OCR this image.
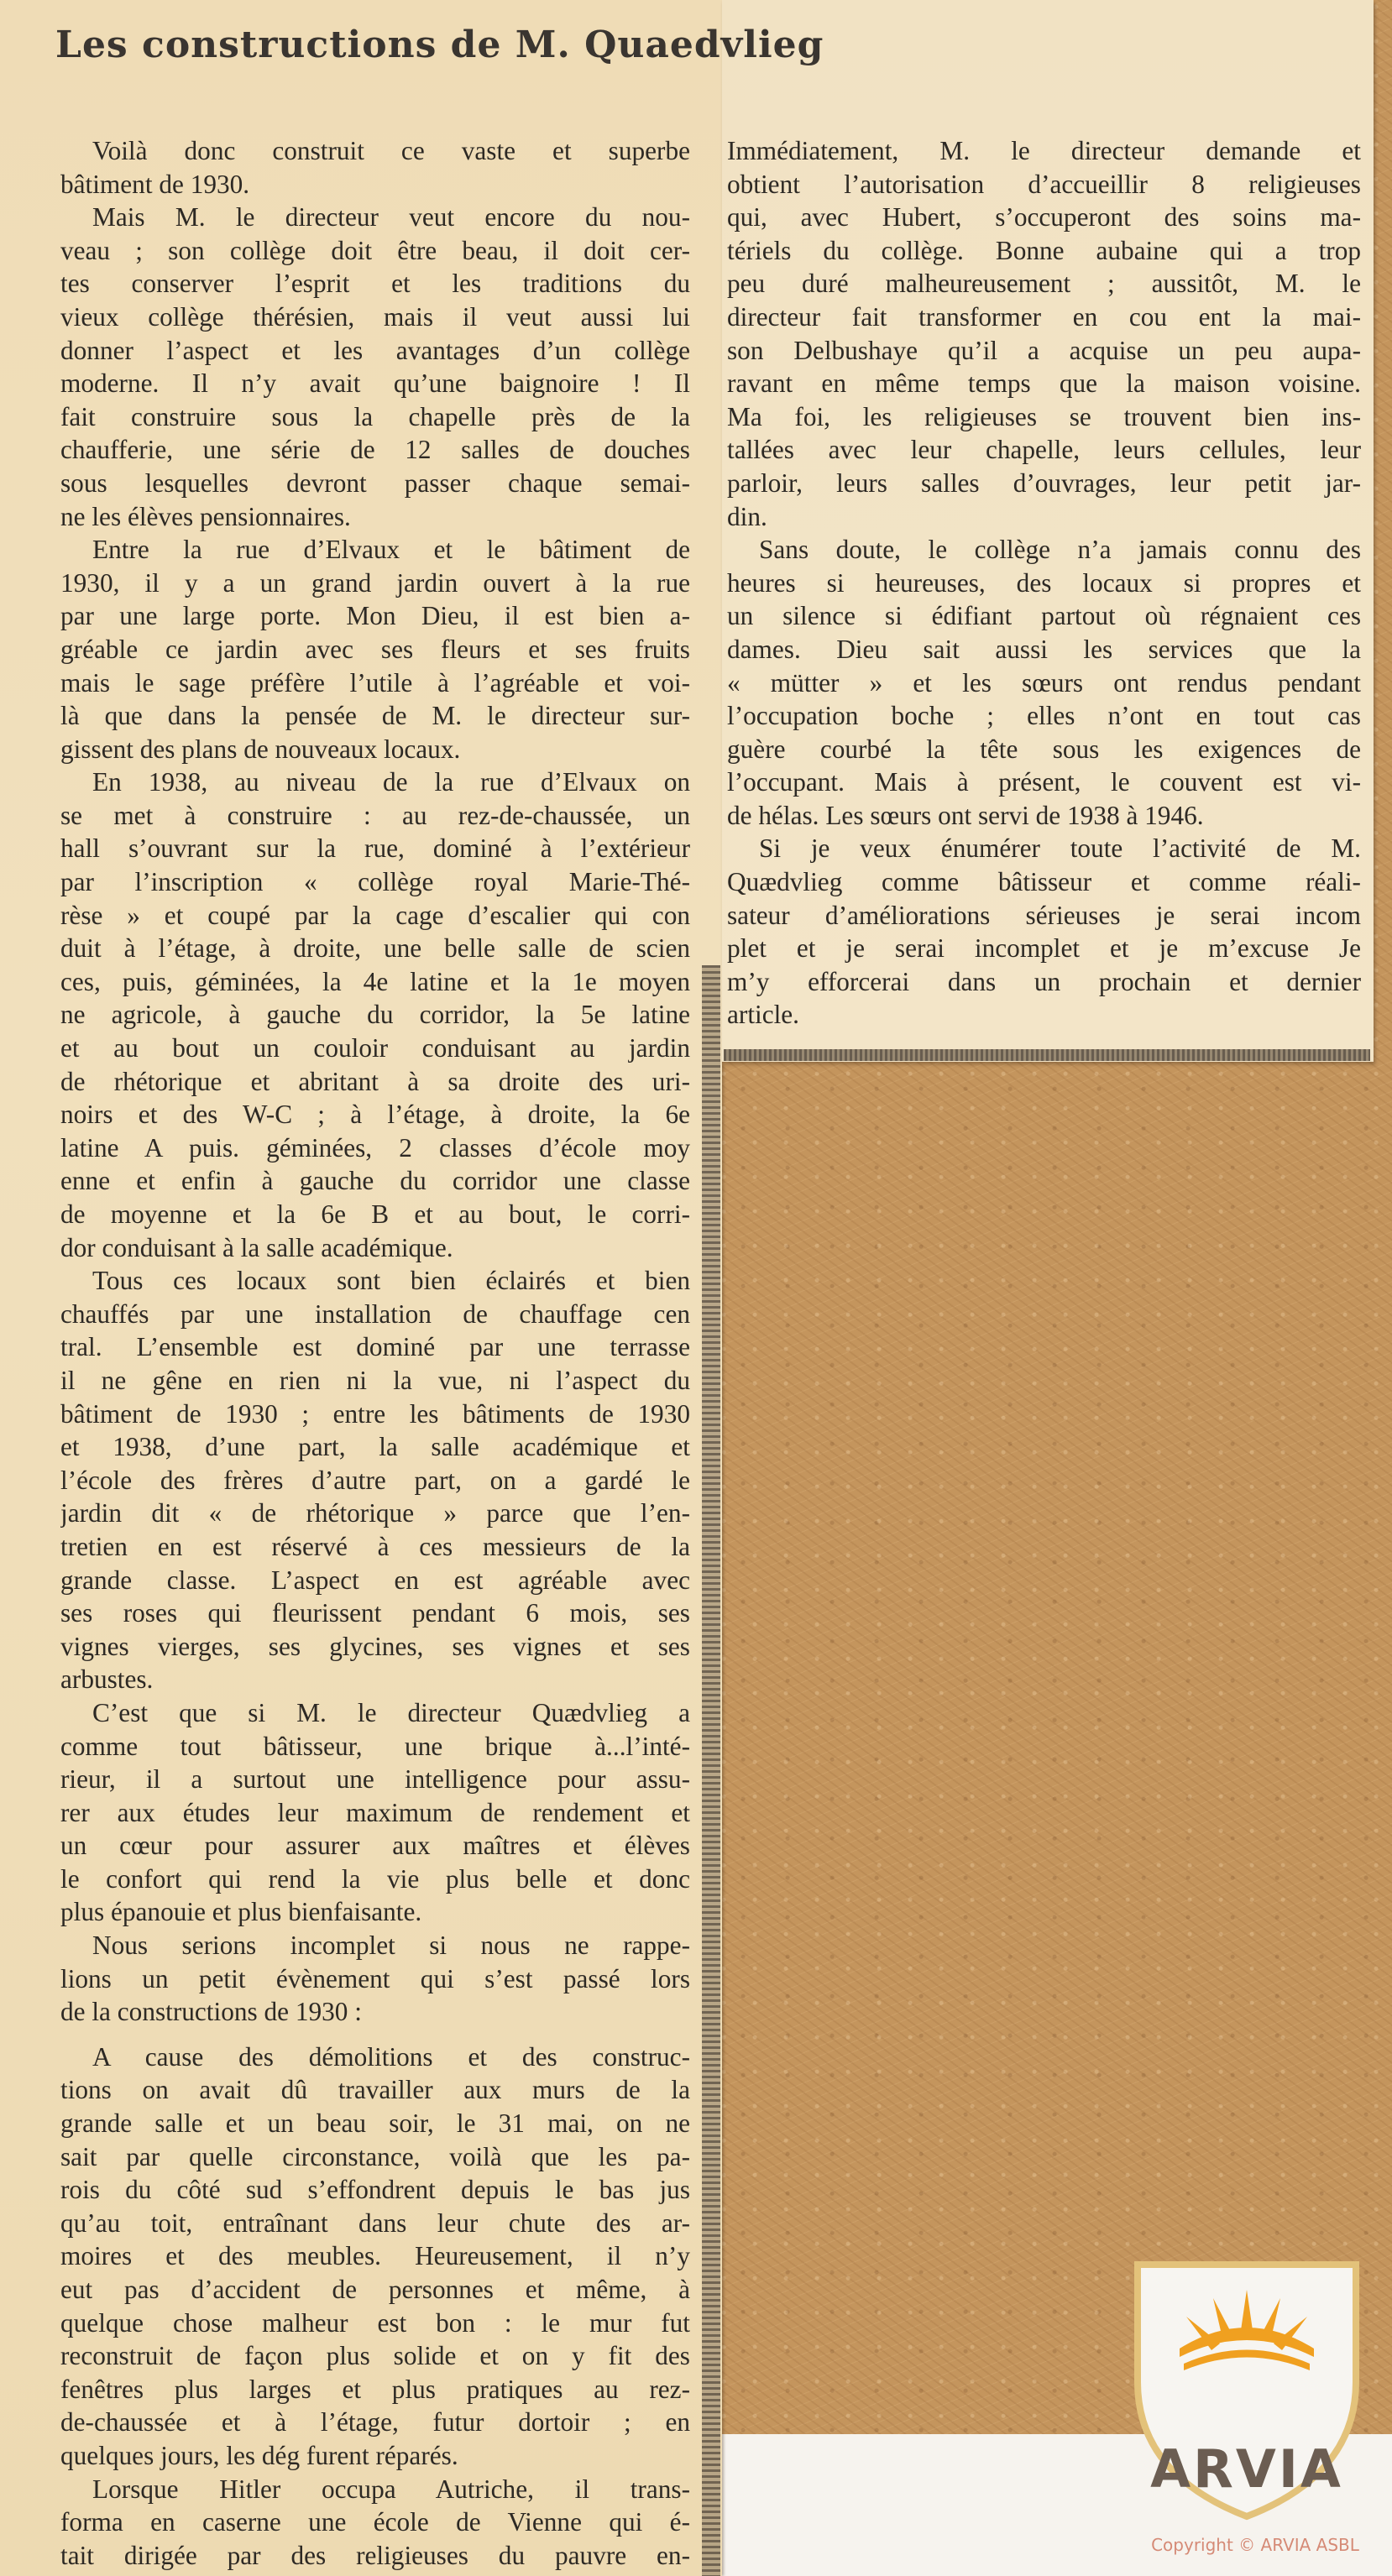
Les constructions de M. Quaedvlieg
Voilà donc construit ce vaste et superbe
bâtiment de 1930.
Mais M. le directeur veut encore du nou-
veau ; son collège doit être beau, il doit cer-
tes conserver l’esprit et les traditions du
vieux collège thérésien, mais il veut aussi lui
donner l’aspect et les avantages d’un collège
moderne. Il n’y avait qu’une baignoire ! Il
fait construire sous la chapelle près de la
chaufferie, une série de 12 salles de douches
sous lesquelles devront passer chaque semai-
ne les élèves pensionnaires.
Entre la rue d’Elvaux et le bâtiment de
1930, il y a un grand jardin ouvert à la rue
par une large porte. Mon Dieu, il est bien a-
gréable ce jardin avec ses fleurs et ses fruits
mais le sage préfère l’utile à l’agréable et voi-
là que dans la pensée de M. le directeur sur-
gissent des plans de nouveaux locaux.
En 1938, au niveau de la rue d’Elvaux on
se met à construire : au rez-de-chaussée, un
hall s’ouvrant sur la rue, dominé à l’extérieur
par l’inscription « collège royal Marie-Thé-
rèse » et coupé par la cage d’escalier qui con
duit à l’étage, à droite, une belle salle de scien
ces, puis, géminées, la 4e latine et la 1e moyen
ne agricole, à gauche du corridor, la 5e latine
et au bout un couloir conduisant au jardin
de rhétorique et abritant à sa droite des uri-
noirs et des W-C ; à l’étage, à droite, la 6e
latine A puis. géminées, 2 classes d’école moy
enne et enfin à gauche du corridor une classe
de moyenne et la 6e B et au bout, le corri-
dor conduisant à la salle académique.
Tous ces locaux sont bien éclairés et bien
chauffés par une installation de chauffage cen
tral. L’ensemble est dominé par une terrasse
il ne gêne en rien ni la vue, ni l’aspect du
bâtiment de 1930 ; entre les bâtiments de 1930
et 1938, d’une part, la salle académique et
l’école des frères d’autre part, on a gardé le
jardin dit « de rhétorique » parce que l’en-
tretien en est réservé à ces messieurs de la
grande classe. L’aspect en est agréable avec
ses roses qui fleurissent pendant 6 mois, ses
vignes vierges, ses glycines, ses vignes et ses
arbustes.
C’est que si M. le directeur Quædvlieg a
comme tout bâtisseur, une brique à...l’inté-
rieur, il a surtout une intelligence pour assu-
rer aux études leur maximum de rendement et
un cœur pour assurer aux maîtres et élèves
le confort qui rend la vie plus belle et donc
plus épanouie et plus bienfaisante.
Nous serions incomplet si nous ne rappe-
lions un petit évènement qui s’est passé lors
de la constructions de 1930 :
A cause des démolitions et des construc-
tions on avait dû travailler aux murs de la
grande salle et un beau soir, le 31 mai, on ne
sait par quelle circonstance, voilà que les pa-
rois du côté sud s’effondrent depuis le bas jus
qu’au toit, entraînant dans leur chute des ar-
moires et des meubles. Heureusement, il n’y
eut pas d’accident de personnes et même, à
quelque chose malheur est bon : le mur fut
reconstruit de façon plus solide et on y fit des
fenêtres plus larges et plus pratiques au rez-
de-chaussée et à l’étage, futur dortoir ; en
quelques jours, les dég furent réparés.
Lorsque Hitler occupa Autriche, il trans-
forma en caserne une école de Vienne qui é-
tait dirigée par des religieuses du pauvre en-
Immédiatement, M. le directeur demande et
obtient l’autorisation d’accueillir 8 religieuses
qui, avec Hubert, s’occuperont des soins ma-
tériels du collège. Bonne aubaine qui a trop
peu duré malheureusement ; aussitôt, M. le
directeur fait transformer en cou ent la mai-
son Delbushaye qu’il a acquise un peu aupa-
ravant en même temps que la maison voisine.
Ma foi, les religieuses se trouvent bien ins-
tallées avec leur chapelle, leurs cellules, leur
parloir, leurs salles d’ouvrages, leur petit jar-
din.
Sans doute, le collège n’a jamais connu des
heures si heureuses, des locaux si propres et
un silence si édifiant partout où régnaient ces
dames. Dieu sait aussi les services que la
« mütter » et les sœurs ont rendus pendant
l’occupation boche ; elles n’ont en tout cas
guère courbé la tête sous les exigences de
l’occupant. Mais à présent, le couvent est vi-
de hélas. Les sœurs ont servi de 1938 à 1946.
Si je veux énumérer toute l’activité de M.
Quædvlieg comme bâtisseur et comme réali-
sateur d’améliorations sérieuses je serai incom
plet et je serai incomplet et je m’excuse Je
m’y efforcerai dans un prochain et dernier
article.

ARVIA

Copyright © ARVIA ASBL
